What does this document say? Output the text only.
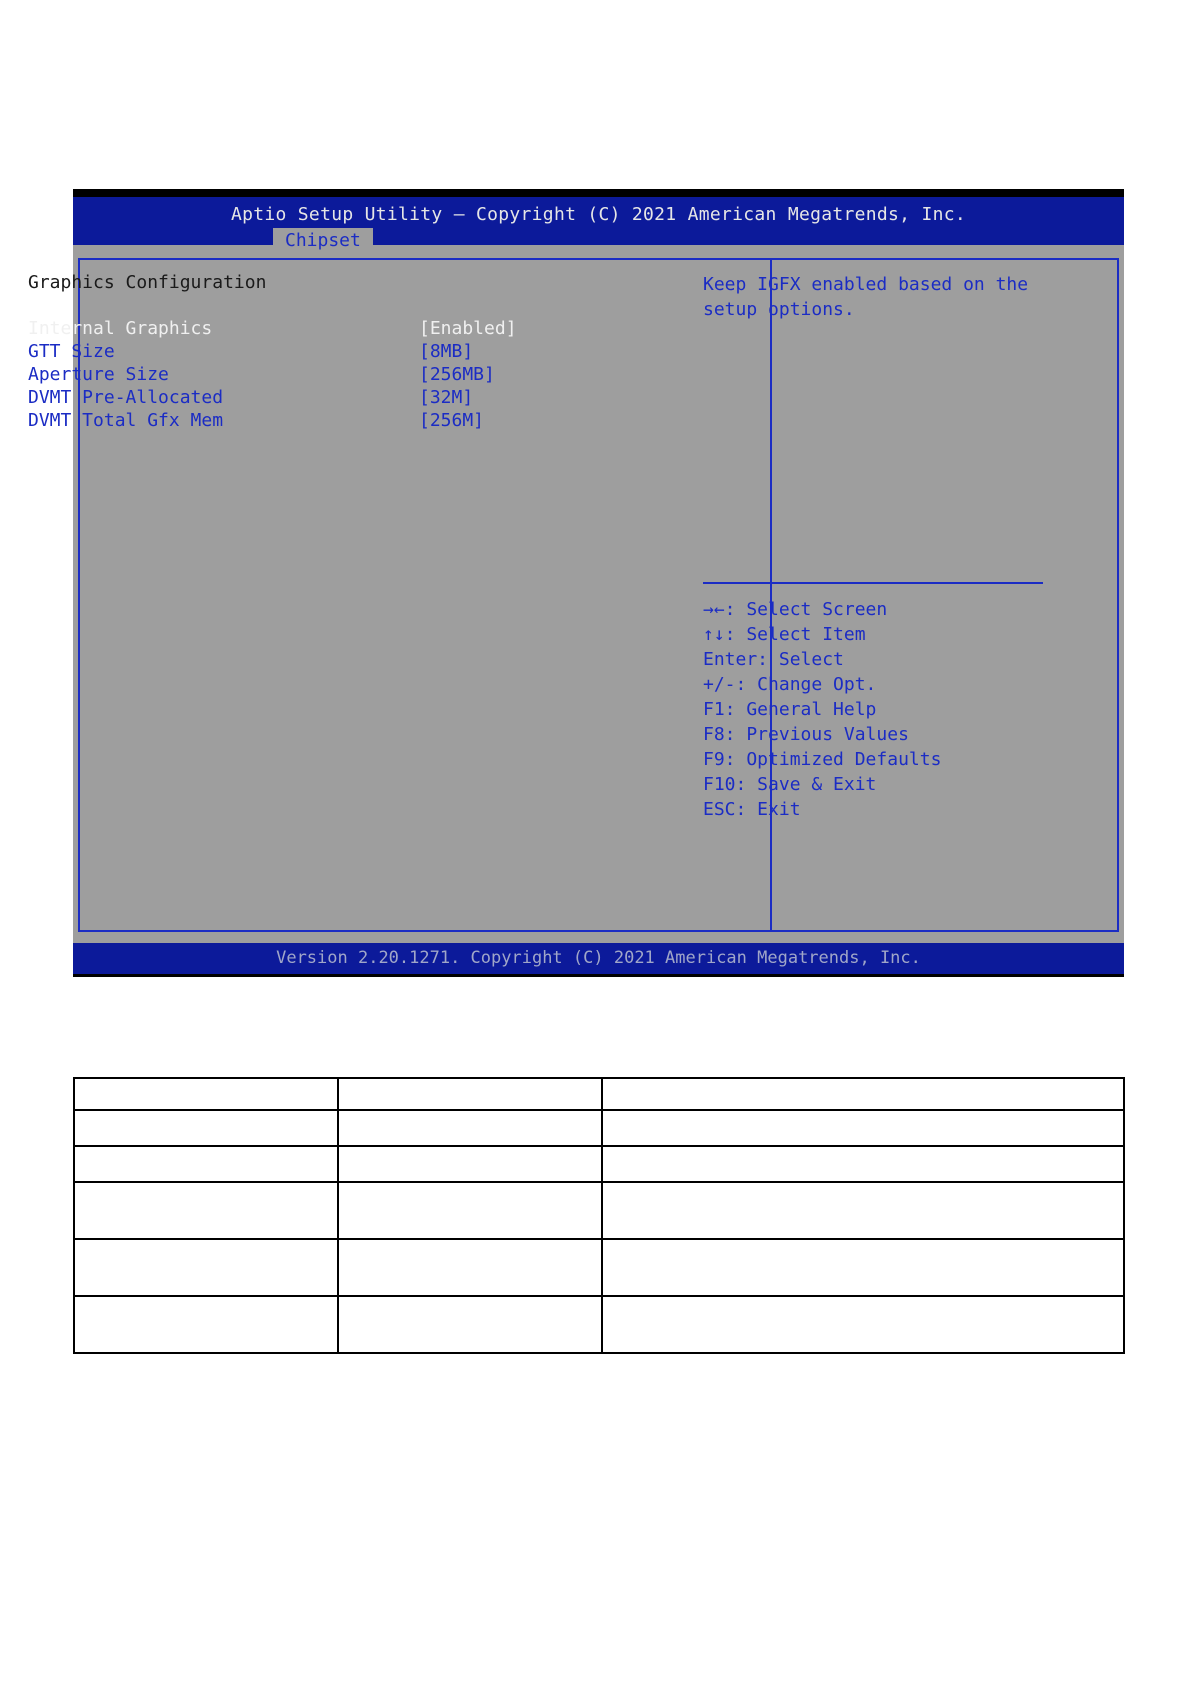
Aptio Setup Utility – Copyright (C) 2021 American Megatrends, Inc.
Chipset
Version 2.20.1271. Copyright (C) 2021 American Megatrends, Inc.
Graphics Configuration
Internal Graphics	[Enabled]
GTT Size	[8MB]
Aperture Size	[256MB]
DVMT Pre-Allocated	[32M]
DVMT Total Gfx Mem	[256M]
Keep IGFX enabled based on the
setup options.
→←: Select Screen
↑↓: Select Item
Enter: Select
+/-: Change Opt.
F1: General Help
F8: Previous Values
F9: Optimized Defaults
F10: Save & Exit
ESC: Exit
